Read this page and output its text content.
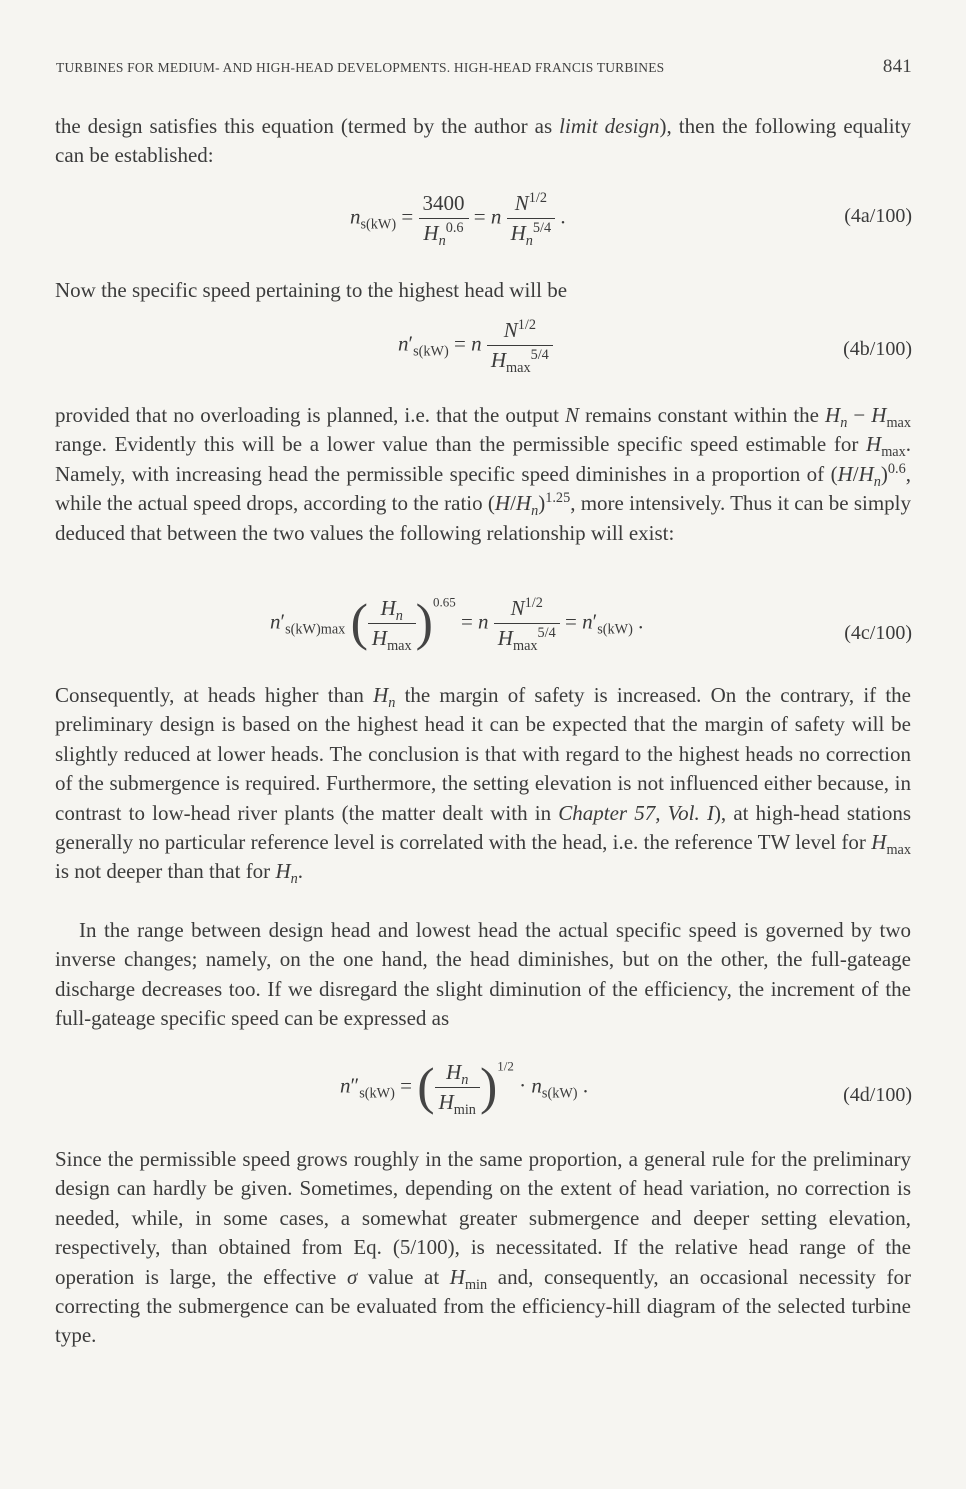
TURBINES FOR MEDIUM- AND HIGH-HEAD DEVELOPMENTS. HIGH-HEAD FRANCIS TURBINES	841

the design satisfies this equation (termed by the author as limit design), then the following equality can be established:

$n_{s(kW)} = \frac{3400}{H_n^{0.6}} = n \frac{N^{1/2}}{H_n^{5/4}}$ .	(4a/100)

Now the specific speed pertaining to the highest head will be

$n'_{s(kW)} = n \frac{N^{1/2}}{H_{max}^{5/4}}$	(4b/100)

provided that no overloading is planned, i.e. that the output N remains constant within the $H_n - H_{max}$ range. Evidently this will be a lower value than the permissible specific speed estimable for $H_{max}$. Namely, with increasing head the permissible specific speed diminishes in a proportion of $(H/H_n)^{0.6}$, while the actual speed drops, according to the ratio $(H/H_n)^{1.25}$, more intensively. Thus it can be simply deduced that between the two values the following relationship will exist:

$n'_{s(kW)max}$ ( $\frac{H_n}{H_{max}} )^{0.65} = n \frac{N^{1/2}}{H_{max}^{5/4}} = n'_{s(kW)}$ .	(4c/100)

Consequently, at heads higher than $H_n$ the margin of safety is increased. On the contrary, if the preliminary design is based on the highest head it can be expected that the margin of safety will be slightly reduced at lower heads. The conclusion is that with regard to the highest heads no correction of the submergence is required. Furthermore, the setting elevation is not influenced either because, in contrast to low-head river plants (the matter dealt with in Chapter 57, Vol. I), at high-head stations generally no particular reference level is correlated with the head, i.e. the reference TW level for $H_{max}$ is not deeper than that for $H_n$.

In the range between design head and lowest head the actual specific speed is governed by two inverse changes; namely, on the one hand, the head diminishes, but on the other, the full-gateage discharge decreases too. If we disregard the slight diminution of the efficiency, the increment of the full-gateage specific speed can be expressed as

$n''_{s(kW)}$ = ( $\frac{H_n}{H_{min}} )^{1/2} \cdot n_{s(kW)}$ .	(4d/100)

Since the permissible speed grows roughly in the same proportion, a general rule for the preliminary design can hardly be given. Sometimes, depending on the extent of head variation, no correction is needed, while, in some cases, a somewhat greater submergence and deeper setting elevation, respectively, than obtained from Eq. (5/100), is necessitated. If the relative head range of the operation is large, the effective σ value at $H_{min}$ and, consequently, an occasional necessity for correcting the submergence can be evaluated from the efficiency-hill diagram of the selected turbine type.
